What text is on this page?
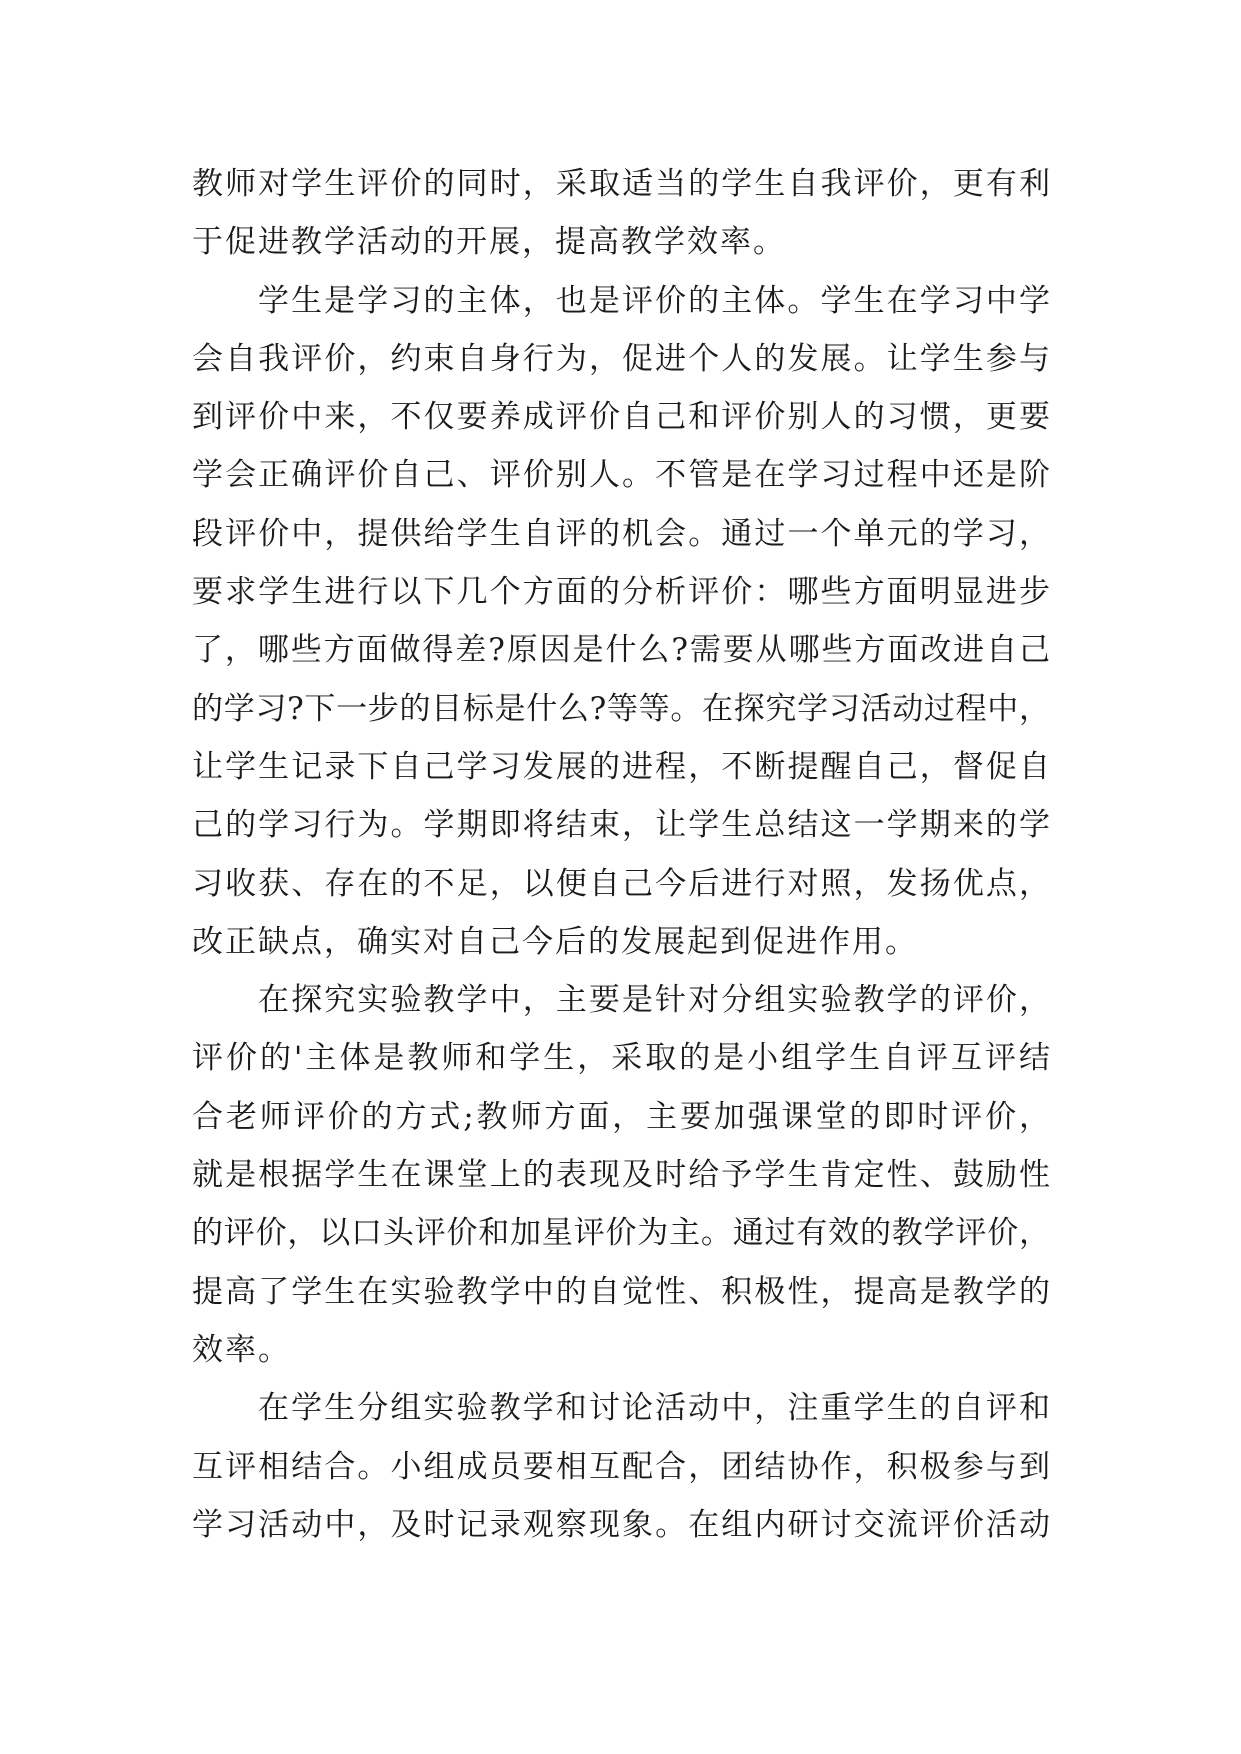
教师对学生评价的同时，采取适当的学生自我评价，更有利
于促进教学活动的开展，提高教学效率。
学生是学习的主体，也是评价的主体。学生在学习中学
会自我评价，约束自身行为，促进个人的发展。让学生参与
到评价中来，不仅要养成评价自己和评价别人的习惯，更要
学会正确评价自己、评价别人。不管是在学习过程中还是阶
段评价中，提供给学生自评的机会。通过一个单元的学习，
要求学生进行以下几个方面的分析评价：哪些方面明显进步
了，哪些方面做得差?原因是什么?需要从哪些方面改进自己
的学习?下一步的目标是什么?等等。在探究学习活动过程中，
让学生记录下自己学习发展的进程，不断提醒自己，督促自
己的学习行为。学期即将结束，让学生总结这一学期来的学
习收获、存在的不足，以便自己今后进行对照，发扬优点，
改正缺点，确实对自己今后的发展起到促进作用。
在探究实验教学中，主要是针对分组实验教学的评价，
评价的'主体是教师和学生，采取的是小组学生自评互评结
合老师评价的方式;教师方面，主要加强课堂的即时评价，
就是根据学生在课堂上的表现及时给予学生肯定性、鼓励性
的评价，以口头评价和加星评价为主。通过有效的教学评价，
提高了学生在实验教学中的自觉性、积极性，提高是教学的
效率。
在学生分组实验教学和讨论活动中，注重学生的自评和
互评相结合。小组成员要相互配合，团结协作，积极参与到
学习活动中，及时记录观察现象。在组内研讨交流评价活动
